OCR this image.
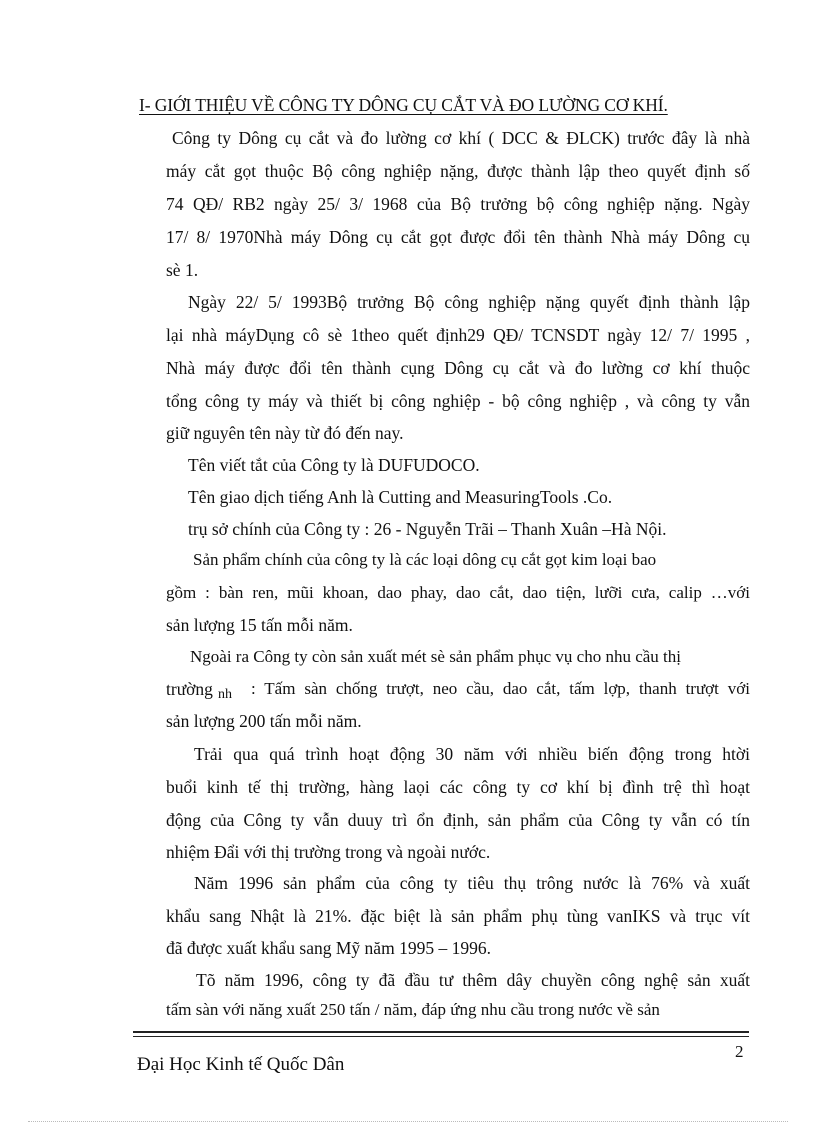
I- GIỚI THIỆU VỀ CÔNG TY DÔNG CỤ CẮT VÀ ĐO LƯỜNG CƠ KHÍ.
Công ty Dông cụ cắt và đo lường cơ khí ( DCC & ĐLCK) trước đây là nhà
máy cắt gọt thuộc Bộ công nghiệp nặng, được thành lập theo quyết định số
74 QĐ/ RB2 ngày 25/ 3/ 1968 của Bộ trưởng bộ công nghiệp nặng. Ngày
17/ 8/ 1970Nhà máy Dông cụ cắt gọt được đổi tên thành Nhà máy Dông cụ
sè 1.
Ngày 22/ 5/ 1993Bộ trưởng Bộ công nghiệp nặng quyết định thành lập
lại nhà máyDụng cô sè 1theo quết định29 QĐ/ TCNSDT ngày 12/ 7/ 1995 ,
Nhà máy được đổi tên thành cụng Dông cụ cắt và đo lường cơ khí thuộc
tổng công ty máy và thiết bị công nghiệp - bộ công nghiệp , và công ty vẫn
giữ nguyên tên này từ đó đến nay.
Tên viết tắt của Công ty là DUFUDOCO.
Tên giao dịch tiếng Anh là Cutting and MeasuringTools .Co.
trụ sở chính của Công ty : 26 - Nguyễn Trãi – Thanh Xuân –Hà Nội.
Sản phẩm chính của công ty là các loại dông cụ cắt gọt kim loại bao
gồm : bàn ren, mũi khoan, dao phay, dao cắt, dao tiện, lưỡi cưa, calip …với
sản lượng 15 tấn mỗi năm.
Ngoài ra Công ty còn sản xuất mét sè sản phẩm phục vụ cho nhu cầu thị
trường nh : Tấm sàn chống trượt, neo cầu, dao cắt, tấm lợp, thanh trượt với
sản lượng 200 tấn mỗi năm.
Trải qua quá trình hoạt động 30 năm với nhiều biến động trong htời
buổi kinh tế thị trường, hàng laọi các công ty cơ khí bị đình trệ thì hoạt
động của Công ty vẫn duuy trì ổn định, sản phẩm của Công ty vẫn có tín
nhiệm Đẩi với thị trường trong và ngoài nước.
Năm 1996 sản phẩm của công ty tiêu thụ trông nước là 76% và xuất
khẩu sang Nhật là 21%. đặc biệt là sản phẩm phụ tùng vanIKS và trục vít
đã được xuất khẩu sang Mỹ năm 1995 – 1996.
Tõ năm 1996, công ty đã đầu tư thêm dây chuyền công nghệ sản xuất
tấm sàn với năng xuất 250 tấn / năm, đáp ứng nhu cầu trong nước về sản
2
Đại Học Kinh tế Quốc Dân
